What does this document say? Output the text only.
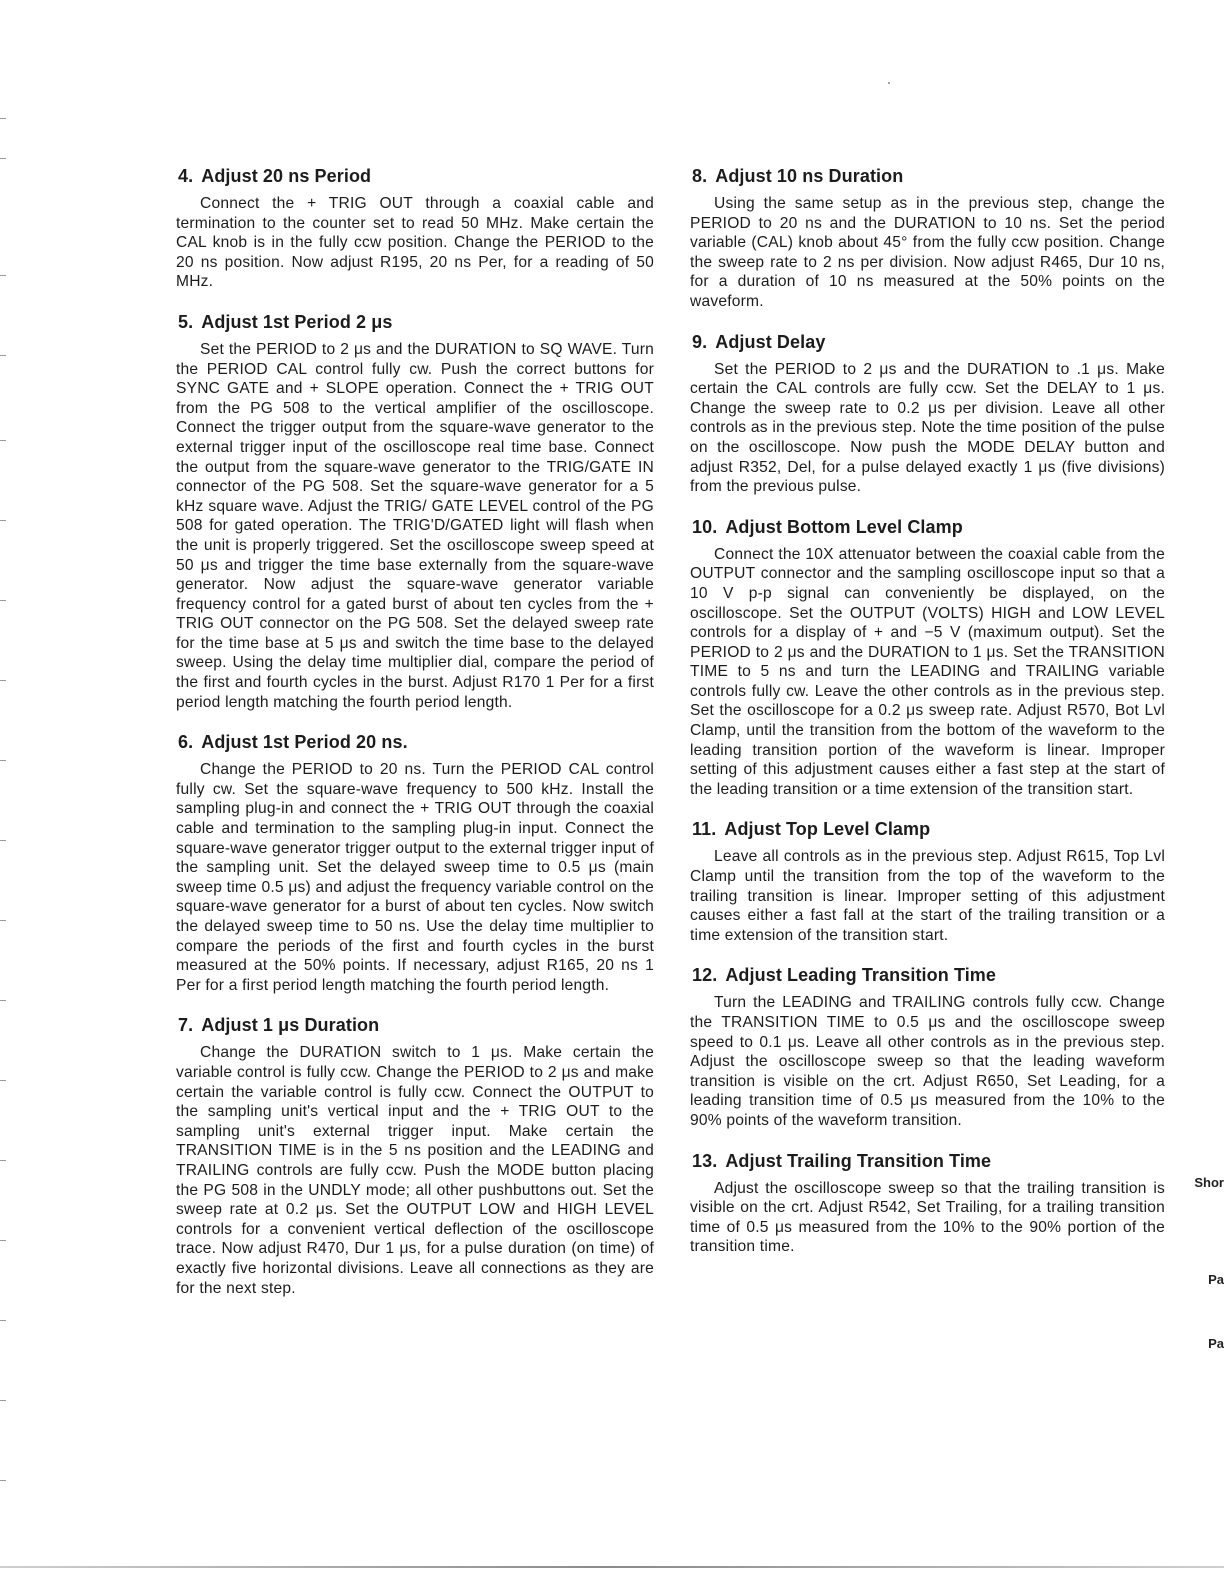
4. Adjust 20 ns Period

Connect the + TRIG OUT through a coaxial cable and termination to the counter set to read 50 MHz. Make certain the CAL knob is in the fully ccw position. Change the PERIOD to the 20 ns position. Now adjust R195, 20 ns Per, for a reading of 50 MHz.

5. Adjust 1st Period 2 μs

Set the PERIOD to 2 μs and the DURATION to SQ WAVE. Turn the PERIOD CAL control fully cw. Push the correct buttons for SYNC GATE and + SLOPE operation. Connect the + TRIG OUT from the PG 508 to the vertical amplifier of the oscilloscope. Connect the trigger output from the square-wave generator to the external trigger input of the oscilloscope real time base. Connect the output from the square-wave generator to the TRIG/GATE IN connector of the PG 508. Set the square-wave generator for a 5 kHz square wave. Adjust the TRIG/ GATE LEVEL control of the PG 508 for gated operation. The TRIG'D/GATED light will flash when the unit is properly triggered. Set the oscilloscope sweep speed at 50 μs and trigger the time base externally from the square-wave generator. Now adjust the square-wave generator variable frequency control for a gated burst of about ten cycles from the + TRIG OUT connector on the PG 508. Set the delayed sweep rate for the time base at 5 μs and switch the time base to the delayed sweep. Using the delay time multiplier dial, compare the period of the first and fourth cycles in the burst. Adjust R170 1 Per for a first period length matching the fourth period length.

6. Adjust 1st Period 20 ns.

Change the PERIOD to 20 ns. Turn the PERIOD CAL control fully cw. Set the square-wave frequency to 500 kHz. Install the sampling plug-in and connect the + TRIG OUT through the coaxial cable and termination to the sampling plug-in input. Connect the square-wave generator trigger output to the external trigger input of the sampling unit. Set the delayed sweep time to 0.5 μs (main sweep time 0.5 μs) and adjust the frequency variable control on the square-wave generator for a burst of about ten cycles. Now switch the delayed sweep time to 50 ns. Use the delay time multiplier to compare the periods of the first and fourth cycles in the burst measured at the 50% points. If necessary, adjust R165, 20 ns 1 Per for a first period length matching the fourth period length.

7. Adjust 1 μs Duration

Change the DURATION switch to 1 μs. Make certain the variable control is fully ccw. Change the PERIOD to 2 μs and make certain the variable control is fully ccw. Connect the OUTPUT to the sampling unit's vertical input and the + TRIG OUT to the sampling unit's external trigger input. Make certain the TRANSITION TIME is in the 5 ns position and the LEADING and TRAILING controls are fully ccw. Push the MODE button placing the PG 508 in the UNDLY mode; all other pushbuttons out. Set the sweep rate at 0.2 μs. Set the OUTPUT LOW and HIGH LEVEL controls for a convenient vertical deflection of the oscilloscope trace. Now adjust R470, Dur 1 μs, for a pulse duration (on time) of exactly five horizontal divisions. Leave all connections as they are for the next step.

8. Adjust 10 ns Duration

Using the same setup as in the previous step, change the PERIOD to 20 ns and the DURATION to 10 ns. Set the period variable (CAL) knob about 45° from the fully ccw position. Change the sweep rate to 2 ns per division. Now adjust R465, Dur 10 ns, for a duration of 10 ns measured at the 50% points on the waveform.

9. Adjust Delay

Set the PERIOD to 2 μs and the DURATION to .1 μs. Make certain the CAL controls are fully ccw. Set the DELAY to 1 μs. Change the sweep rate to 0.2 μs per division. Leave all other controls as in the previous step. Note the time position of the pulse on the oscilloscope. Now push the MODE DELAY button and adjust R352, Del, for a pulse delayed exactly 1 μs (five divisions) from the previous pulse.

10. Adjust Bottom Level Clamp

Connect the 10X attenuator between the coaxial cable from the OUTPUT connector and the sampling oscilloscope input so that a 10 V p-p signal can conveniently be displayed, on the oscilloscope. Set the OUTPUT (VOLTS) HIGH and LOW LEVEL controls for a display of + and −5 V (maximum output). Set the PERIOD to 2 μs and the DURATION to 1 μs. Set the TRANSITION TIME to 5 ns and turn the LEADING and TRAILING variable controls fully cw. Leave the other controls as in the previous step. Set the oscilloscope for a 0.2 μs sweep rate. Adjust R570, Bot Lvl Clamp, until the transition from the bottom of the waveform to the leading transition portion of the waveform is linear. Improper setting of this adjustment causes either a fast step at the start of the leading transition or a time extension of the transition start.

11. Adjust Top Level Clamp

Leave all controls as in the previous step. Adjust R615, Top Lvl Clamp until the transition from the top of the waveform to the trailing transition is linear. Improper setting of this adjustment causes either a fast fall at the start of the trailing transition or a time extension of the transition start.

12. Adjust Leading Transition Time

Turn the LEADING and TRAILING controls fully ccw. Change the TRANSITION TIME to 0.5 μs and the oscilloscope sweep speed to 0.1 μs. Leave all other controls as in the previous step. Adjust the oscilloscope sweep so that the leading waveform transition is visible on the crt. Adjust R650, Set Leading, for a leading transition time of 0.5 μs measured from the 10% to the 90% points of the waveform transition.

13. Adjust Trailing Transition Time

Adjust the oscilloscope sweep so that the trailing transition is visible on the crt. Adjust R542, Set Trailing, for a trailing transition time of 0.5 μs measured from the 10% to the 90% portion of the transition time.

Shor
Pa
Pa
